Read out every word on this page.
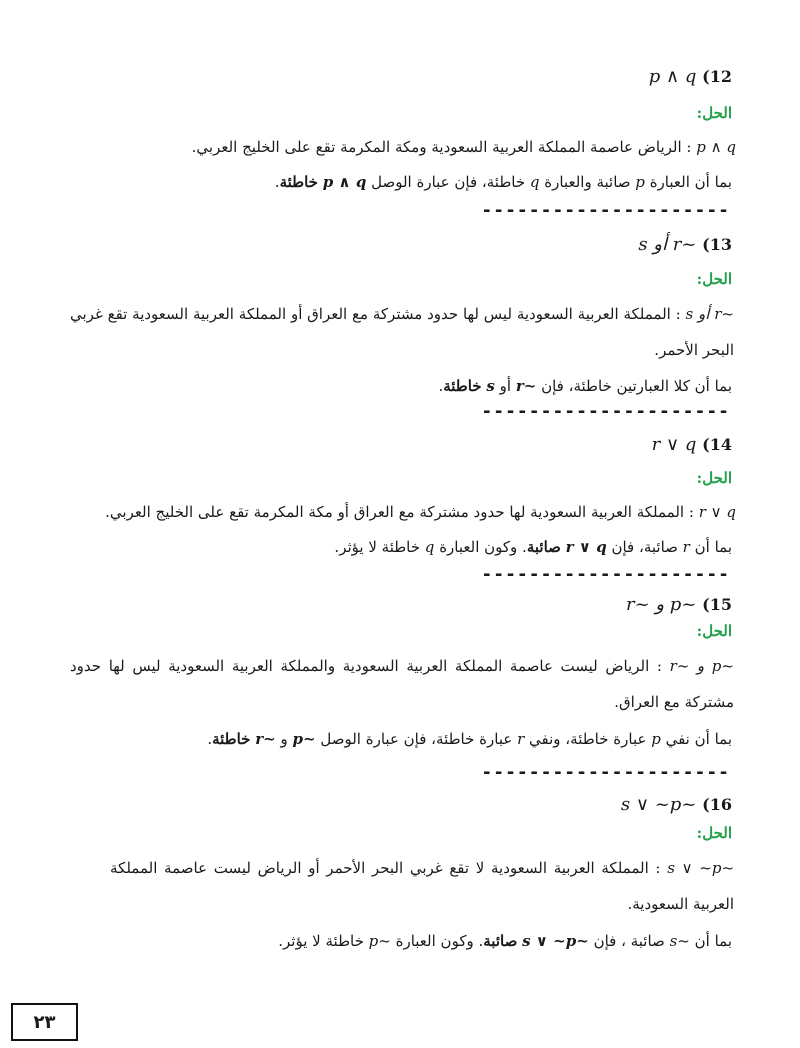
12) p ∧ q
الحل:
p ∧ q : الرياض عاصمة المملكة العربية السعودية ومكة المكرمة تقع على الخليج العربي.
بما أن العبارة p صائبة والعبارة q خاطئة، فإن عبارة الوصل p ∧ q خاطئة.
---------------------
13) ~r أو s
الحل:
~r أو s : المملكة العربية السعودية ليس لها حدود مشتركة مع العراق أو المملكة العربية السعودية تقع غربي البحر الأحمر.
بما أن كلا العبارتين خاطئة، فإن ~r أو s خاطئة.
---------------------
14) r ∨ q
الحل:
r ∨ q : المملكة العربية السعودية لها حدود مشتركة مع العراق أو مكة المكرمة تقع على الخليج العربي.
بما أن r صائبة، فإن r ∨ q صائبة. وكون العبارة q خاطئة لا يؤثر.
---------------------
15) ~p و ~r
الحل:
~p و ~r : الرياض ليست عاصمة المملكة العربية السعودية والمملكة العربية السعودية ليس لها حدود مشتركة مع العراق.
بما أن نفي p عبارة خاطئة، ونفي r عبارة خاطئة، فإن عبارة الوصل ~p و ~r خاطئة.
---------------------
16) ~s ∨ ~p
الحل:
~s ∨ ~p : المملكة العربية السعودية لا تقع غربي البحر الأحمر أو الرياض ليست عاصمة المملكة العربية السعودية.
بما أن ~s صائبة ، فإن ~s ∨ ~p صائبة. وكون العبارة ~p خاطئة لا يؤثر.
٢٣
